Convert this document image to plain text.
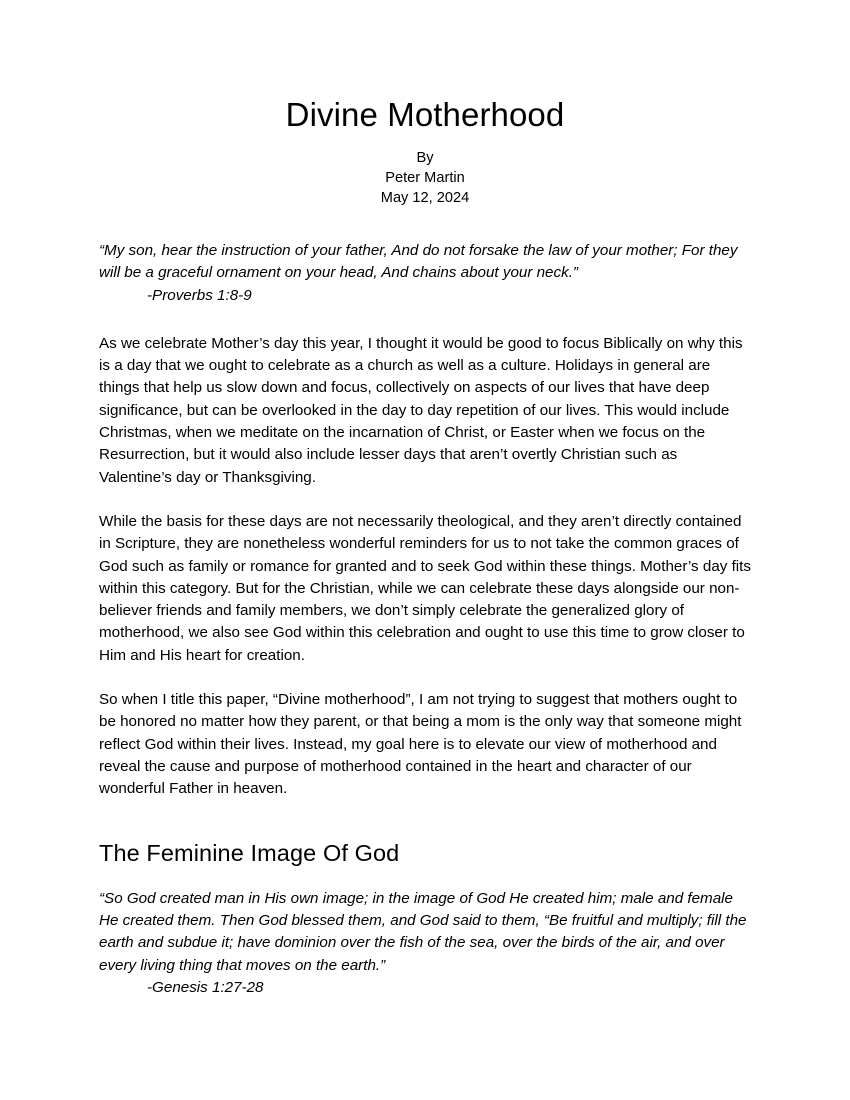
Divine Motherhood
By
Peter Martin
May 12, 2024

“My son, hear the instruction of your father, And do not forsake the law of your mother; For they will be a graceful ornament on your head, And chains about your neck.”

-Proverbs 1:8-9

As we celebrate Mother’s day this year, I thought it would be good to focus Biblically on why this is a day that we ought to celebrate as a church as well as a culture. Holidays in general are things that help us slow down and focus, collectively on aspects of our lives that have deep significance, but can be overlooked in the day to day repetition of our lives. This would include Christmas, when we meditate on the incarnation of Christ, or Easter when we focus on the Resurrection, but it would also include lesser days that aren’t overtly Christian such as Valentine’s day or Thanksgiving.

While the basis for these days are not necessarily theological, and they aren’t directly contained in Scripture, they are nonetheless wonderful reminders for us to not take the common graces of God such as family or romance for granted and to seek God within these things. Mother’s day fits within this category. But for the Christian, while we can celebrate these days alongside our non-believer friends and family members, we don’t simply celebrate the generalized glory of motherhood, we also see God within this celebration and ought to use this time to grow closer to Him and His heart for creation.

So when I title this paper, “Divine motherhood”, I am not trying to suggest that mothers ought to be honored no matter how they parent, or that being a mom is the only way that someone might reflect God within their lives. Instead, my goal here is to elevate our view of motherhood and reveal the cause and purpose of motherhood contained in the heart and character of our wonderful Father in heaven.

The Feminine Image Of God

“So God created man in His own image; in the image of God He created him; male and female He created them. Then God blessed them, and God said to them, “Be fruitful and multiply; fill the earth and subdue it; have dominion over the fish of the sea, over the birds of the air, and over every living thing that moves on the earth.”

-Genesis 1:27-28
